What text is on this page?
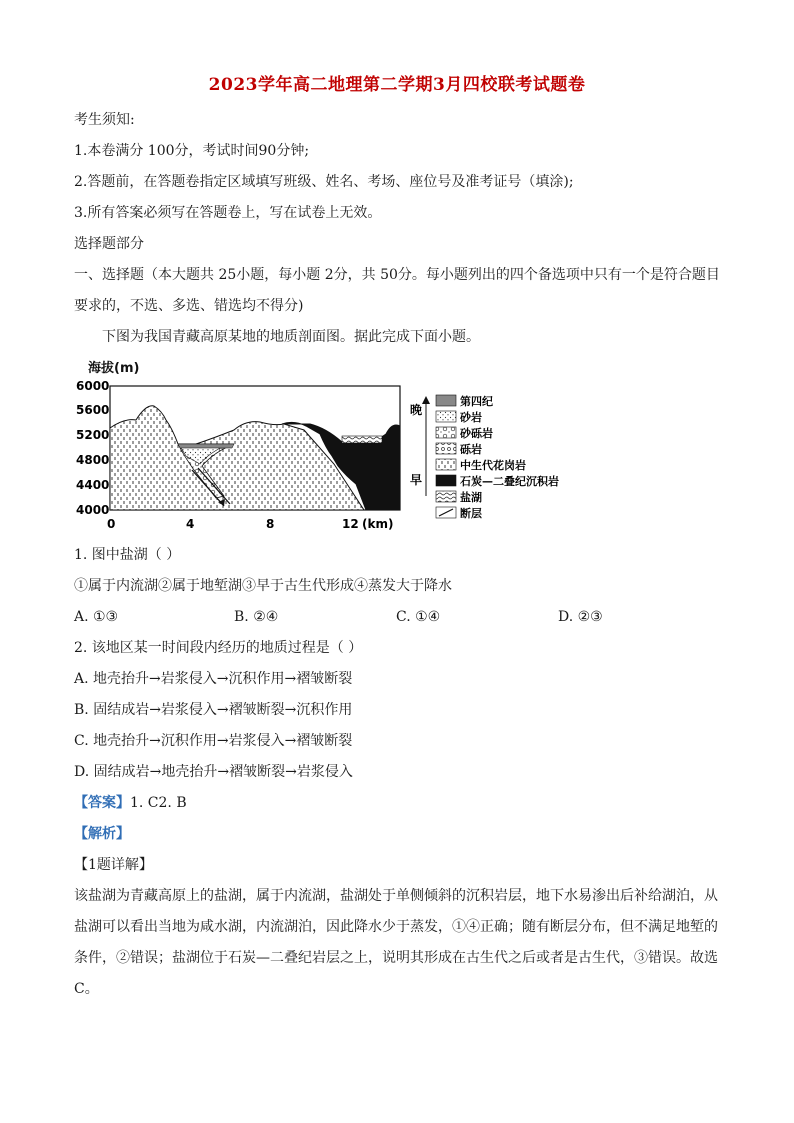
2023学年高二地理第二学期3月四校联考试题卷
考生须知:
1.本卷满分 100分，考试时间90分钟;
2.答题前，在答题卷指定区域填写班级、姓名、考场、座位号及准考证号（填涂);
3.所有答案必须写在答题卷上，写在试卷上无效。
选择题部分
一、选择题（本大题共 25小题，每小题 2分，共 50分。每小题列出的四个备选项中只有一个是符合题目
要求的，不选、多选、错选均不得分)
下图为我国青藏高原某地的地质剖面图。据此完成下面小题。
海拔(m)
6000
5600
5200
4800
4400
4000
0	4	8	12 (km)
晚
早
第四纪
砂岩
砂砾岩
砾岩
中生代花岗岩
石炭—二叠纪沉积岩
盐湖
断层
1. 图中盐湖（ ）
①属于内流湖②属于地堑湖③早于古生代形成④蒸发大于降水
A. ①③	B. ②④	C. ①④	D. ②③
2. 该地区某一时间段内经历的地质过程是（ ）
A. 地壳抬升→岩浆侵入→沉积作用→褶皱断裂
B. 固结成岩→岩浆侵入→褶皱断裂→沉积作用
C. 地壳抬升→沉积作用→岩浆侵入→褶皱断裂
D. 固结成岩→地壳抬升→褶皱断裂→岩浆侵入
【答案】1. C2. B
【解析】
【1题详解】
该盐湖为青藏高原上的盐湖，属于内流湖，盐湖处于单侧倾斜的沉积岩层，地下水易渗出后补给湖泊，从
盐湖可以看出当地为咸水湖，内流湖泊，因此降水少于蒸发，①④正确；随有断层分布，但不满足地堑的
条件，②错误；盐湖位于石炭—二叠纪岩层之上，说明其形成在古生代之后或者是古生代，③错误。故选
C。
